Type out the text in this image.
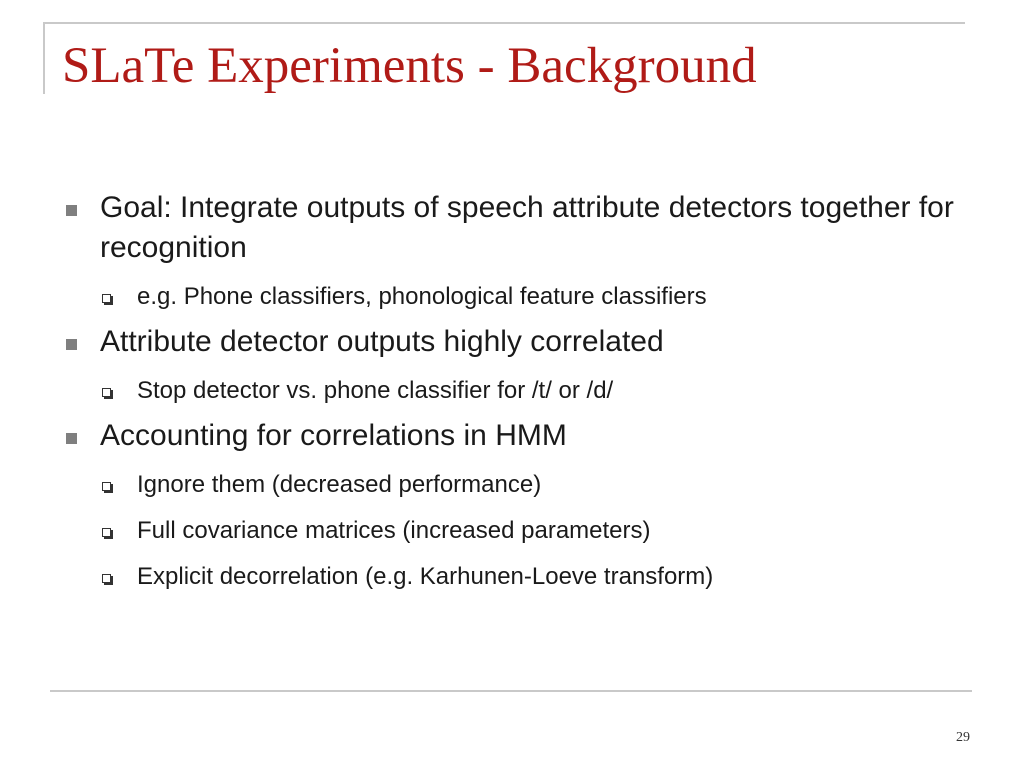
SLaTe Experiments - Background
Goal: Integrate outputs of speech attribute detectors together for recognition
e.g. Phone classifiers, phonological feature classifiers
Attribute detector outputs highly correlated
Stop detector vs. phone classifier for /t/ or /d/
Accounting for correlations in HMM
Ignore them (decreased performance)
Full covariance matrices (increased parameters)
Explicit decorrelation (e.g. Karhunen-Loeve transform)
29
